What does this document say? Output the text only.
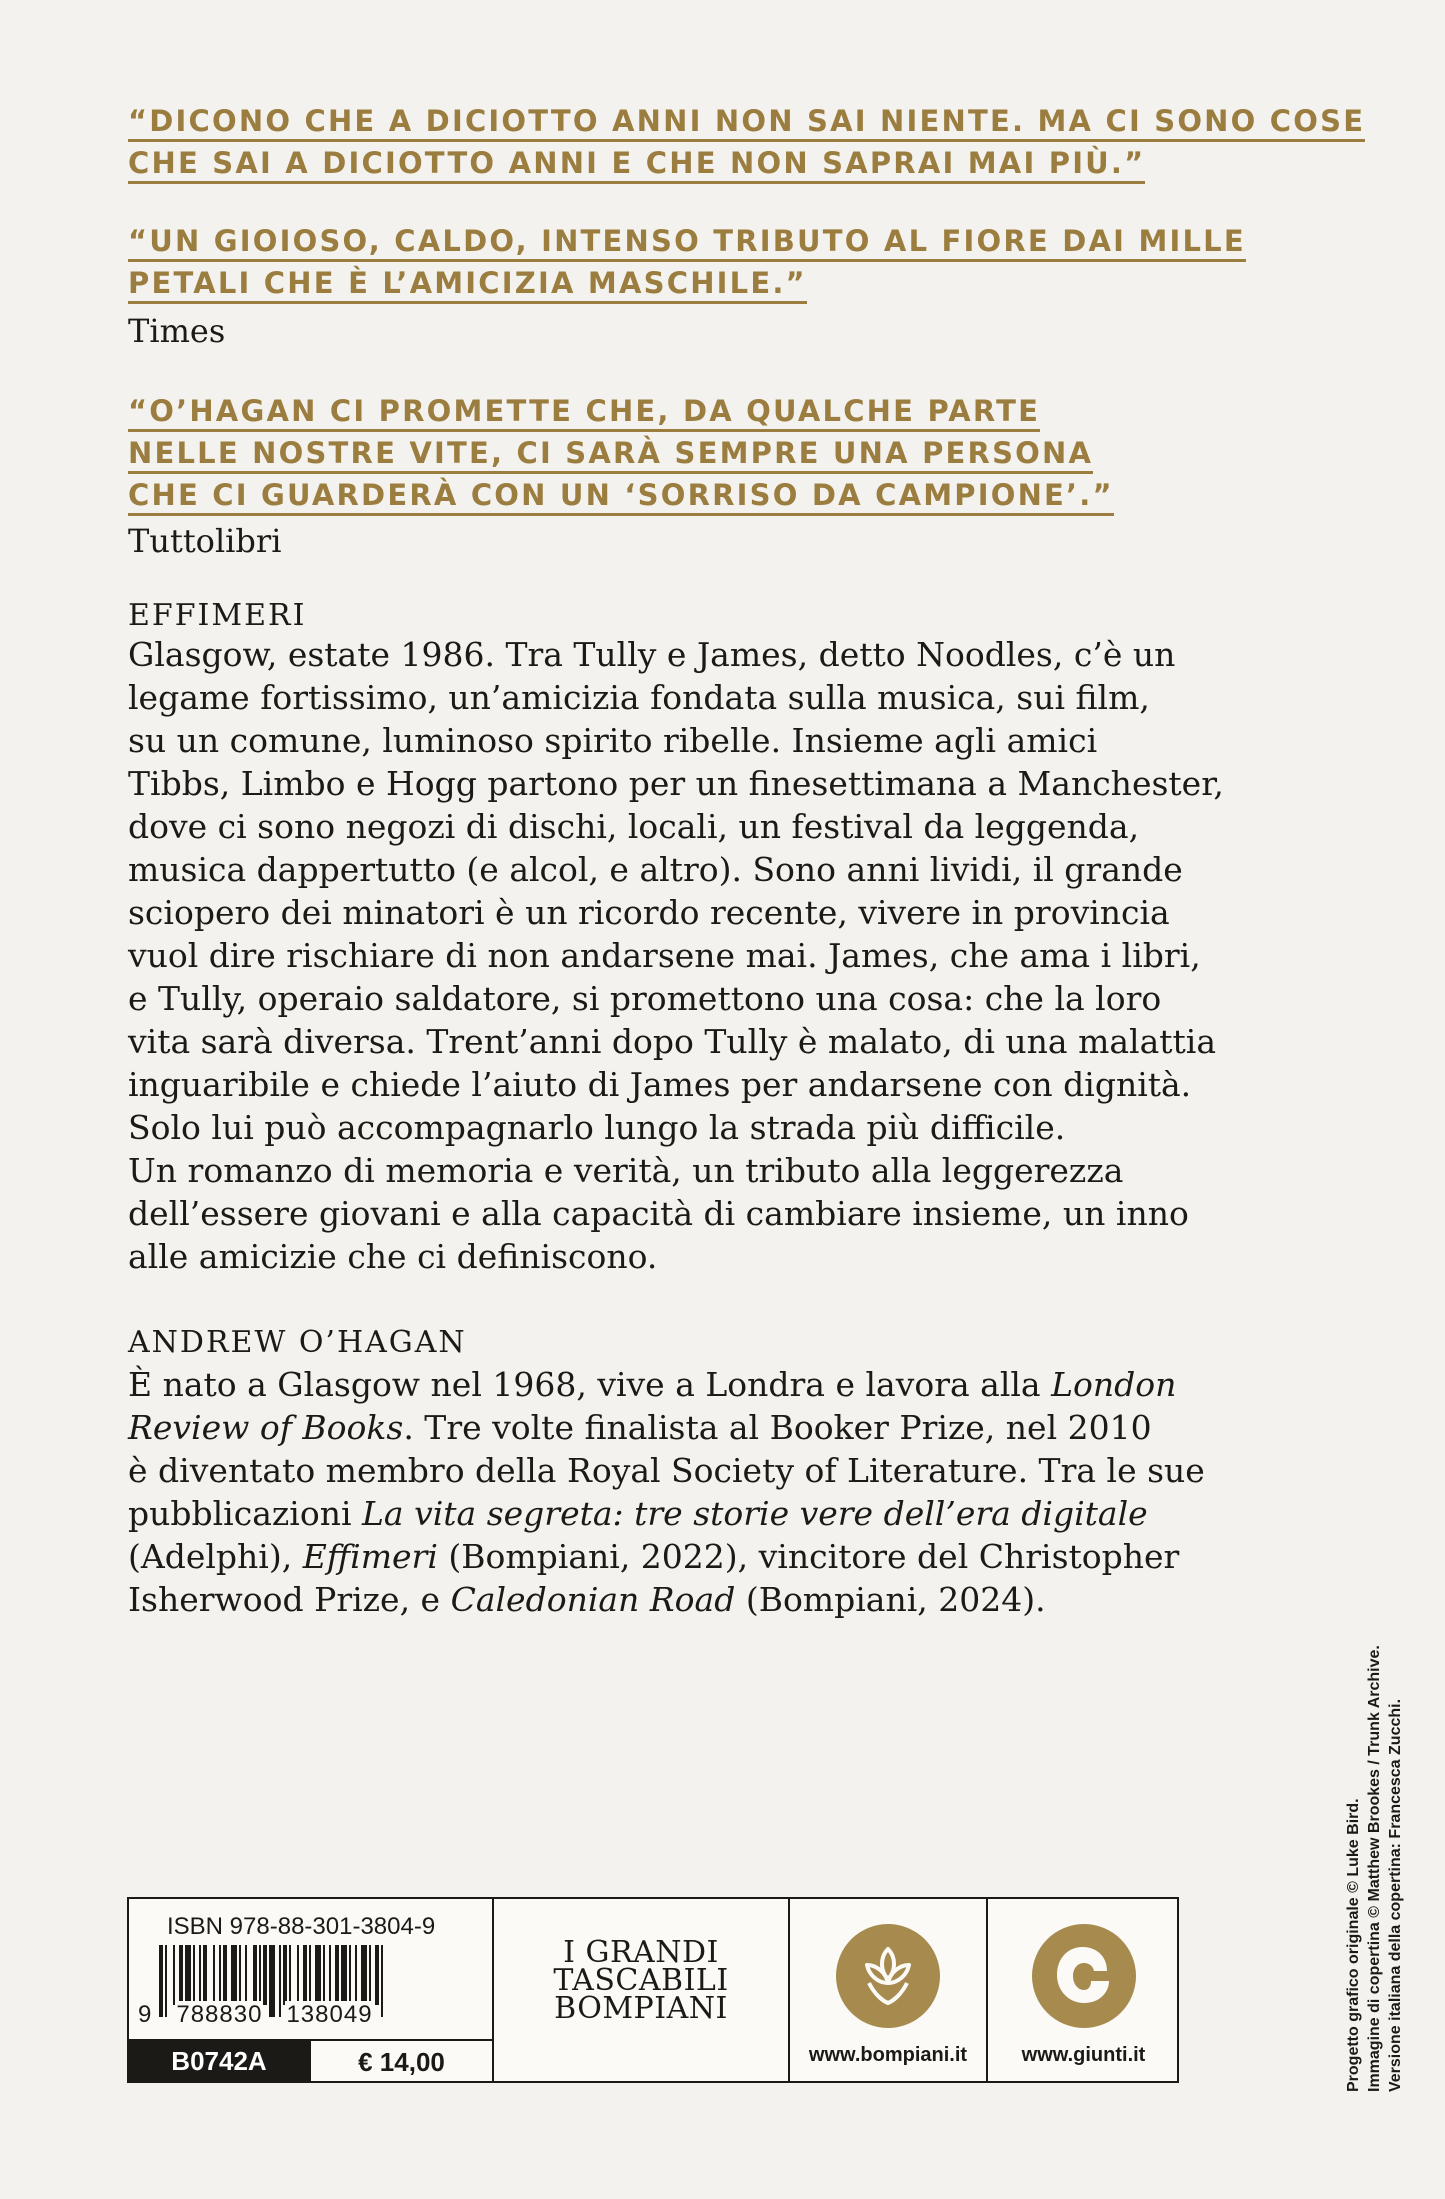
“DICONO CHE A DICIOTTO ANNI NON SAI NIENTE. MA CI SONO COSE
CHE SAI A DICIOTTO ANNI E CHE NON SAPRAI MAI PIÙ.”
“UN GIOIOSO, CALDO, INTENSO TRIBUTO AL FIORE DAI MILLE
PETALI CHE È L’AMICIZIA MASCHILE.”
Times
“O’HAGAN CI PROMETTE CHE, DA QUALCHE PARTE
NELLE NOSTRE VITE, CI SARÀ SEMPRE UNA PERSONA
CHE CI GUARDERÀ CON UN ‘SORRISO DA CAMPIONE’.”
Tuttolibri
EFFIMERI
Glasgow, estate 1986. Tra Tully e James, detto Noodles, c’è un
legame fortissimo, un’amicizia fondata sulla musica, sui film,
su un comune, luminoso spirito ribelle. Insieme agli amici
Tibbs, Limbo e Hogg partono per un finesettimana a Manchester,
dove ci sono negozi di dischi, locali, un festival da leggenda,
musica dappertutto (e alcol, e altro). Sono anni lividi, il grande
sciopero dei minatori è un ricordo recente, vivere in provincia
vuol dire rischiare di non andarsene mai. James, che ama i libri,
e Tully, operaio saldatore, si promettono una cosa: che la loro
vita sarà diversa. Trent’anni dopo Tully è malato, di una malattia
inguaribile e chiede l’aiuto di James per andarsene con dignità.
Solo lui può accompagnarlo lungo la strada più difficile.
Un romanzo di memoria e verità, un tributo alla leggerezza
dell’essere giovani e alla capacità di cambiare insieme, un inno
alle amicizie che ci definiscono.
ANDREW O’HAGAN
È nato a Glasgow nel 1968, vive a Londra e lavora alla London
Review of Books. Tre volte finalista al Booker Prize, nel 2010
è diventato membro della Royal Society of Literature. Tra le sue
pubblicazioni La vita segreta: tre storie vere dell’era digitale
(Adelphi), Effimeri (Bompiani, 2022), vincitore del Christopher
Isherwood Prize, e Caledonian Road (Bompiani, 2024).
ISBN 978-88-301-3804-9
9 788830 138049
B0742A	€ 14,00
I GRANDI
TASCABILI
BOMPIANI
www.bompiani.it	www.giunti.it	Progetto grafico originale © Luke Bird. Immagine di copertina © Matthew Brookes / Trunk Archive. Versione italiana della copertina: Francesca Zucchi.
